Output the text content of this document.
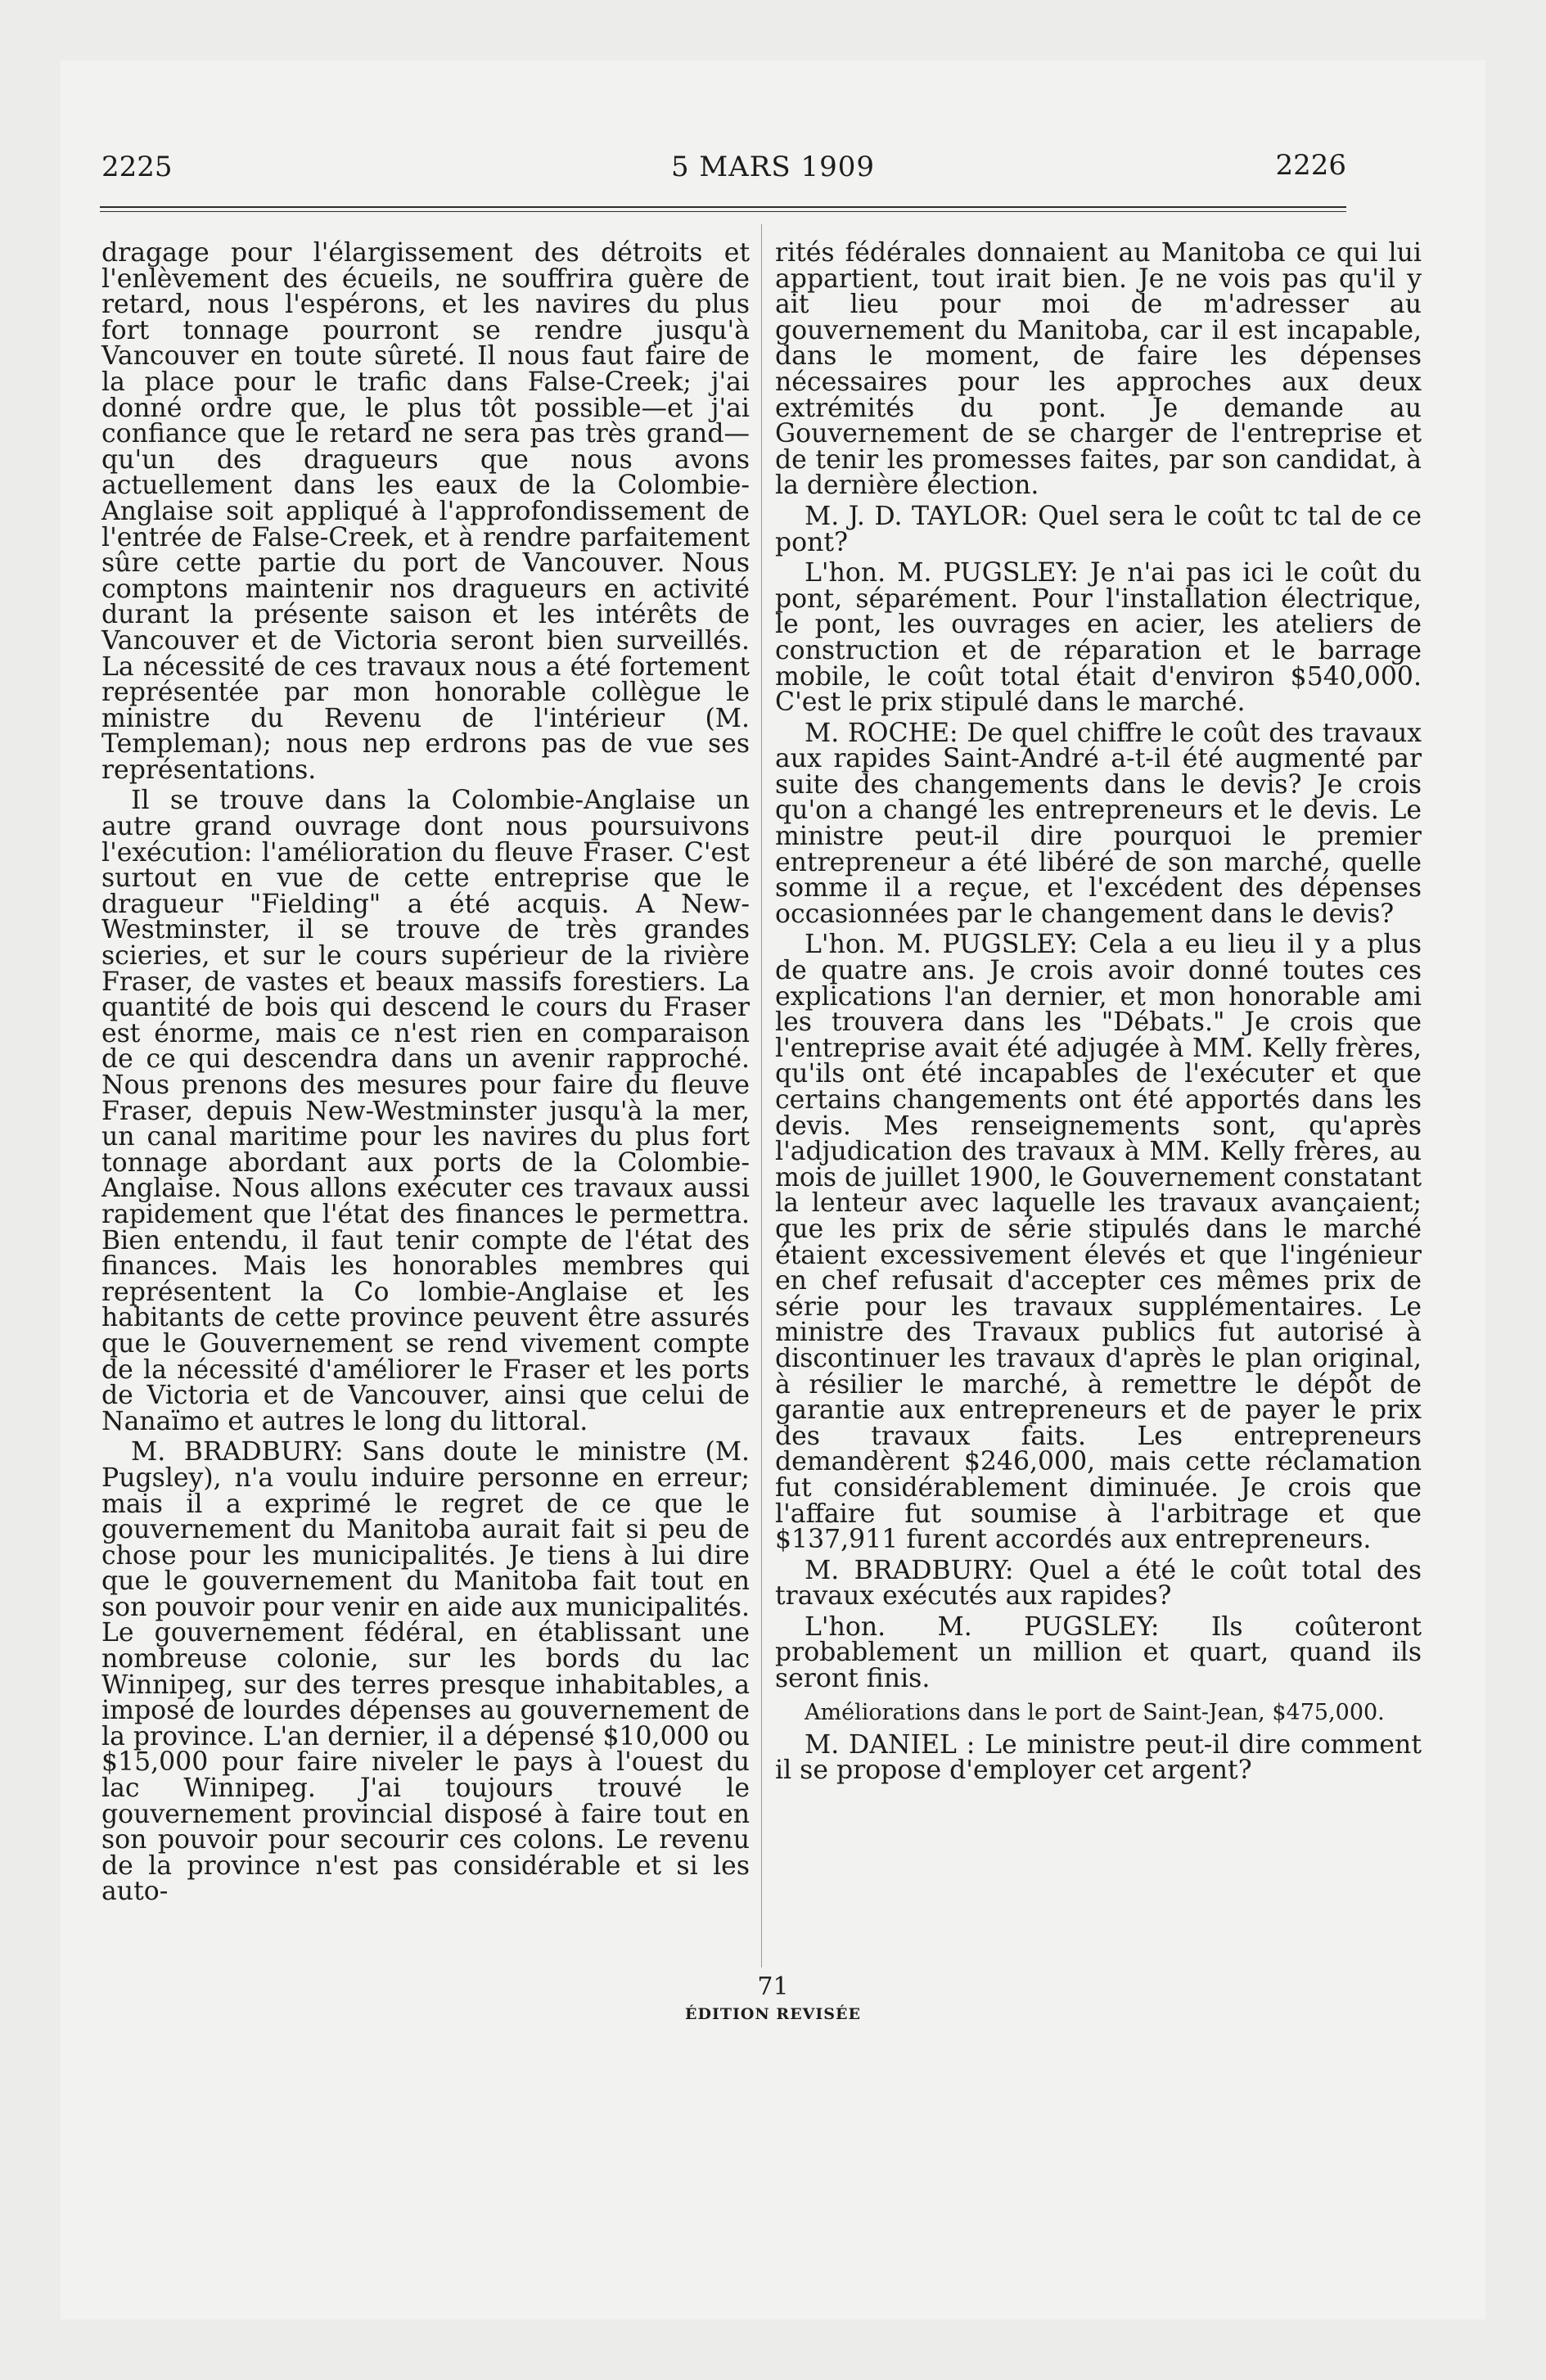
2225	5 MARS 1909	2226

dragage pour l'élargissement des détroits et l'enlèvement des écueils, ne souffrira guère de retard, nous l'espérons, et les navires du plus fort tonnage pourront se rendre jusqu'à Vancouver en toute sûreté. Il nous faut faire de la place pour le trafic dans False-Creek; j'ai donné ordre que, le plus tôt possible—et j'ai confiance que le retard ne sera pas très grand—qu'un des dragueurs que nous avons actuellement dans les eaux de la Colombie-Anglaise soit appliqué à l'approfondissement de l'entrée de False-Creek, et à rendre parfaitement sûre cette partie du port de Vancouver. Nous comptons maintenir nos dragueurs en activité durant la présente saison et les intérêts de Vancouver et de Victoria seront bien surveillés. La nécessité de ces travaux nous a été fortement représentée par mon honorable collègue le ministre du Revenu de l'intérieur (M. Templeman); nous nep erdrons pas de vue ses représentations.

Il se trouve dans la Colombie-Anglaise un autre grand ouvrage dont nous poursuivons l'exécution: l'amélioration du fleuve Fraser. C'est surtout en vue de cette entreprise que le dragueur "Fielding" a été acquis. A New-Westminster, il se trouve de très grandes scieries, et sur le cours supérieur de la rivière Fraser, de vastes et beaux massifs forestiers. La quantité de bois qui descend le cours du Fraser est énorme, mais ce n'est rien en comparaison de ce qui descendra dans un avenir rapproché. Nous prenons des mesures pour faire du fleuve Fraser, depuis New-Westminster jusqu'à la mer, un canal maritime pour les navires du plus fort tonnage abordant aux ports de la Colombie-Anglaise. Nous allons exécuter ces travaux aussi rapidement que l'état des finances le permettra. Bien entendu, il faut tenir compte de l'état des finances. Mais les honorables membres qui représentent la Co lombie-Anglaise et les habitants de cette province peuvent être assurés que le Gouvernement se rend vivement compte de la nécessité d'améliorer le Fraser et les ports de Victoria et de Vancouver, ainsi que celui de Nanaïmo et autres le long du littoral.

M. BRADBURY: Sans doute le ministre (M. Pugsley), n'a voulu induire personne en erreur; mais il a exprimé le regret de ce que le gouvernement du Manitoba aurait fait si peu de chose pour les municipalités. Je tiens à lui dire que le gouvernement du Manitoba fait tout en son pouvoir pour venir en aide aux municipalités. Le gouvernement fédéral, en établissant une nombreuse colonie, sur les bords du lac Winnipeg, sur des terres presque inhabitables, a imposé de lourdes dépenses au gouvernement de la province. L'an dernier, il a dépensé $10,000 ou $15,000 pour faire niveler le pays à l'ouest du lac Winnipeg. J'ai toujours trouvé le gouvernement provincial disposé à faire tout en son pouvoir pour secourir ces colons. Le revenu de la province n'est pas considérable et si les auto-

rités fédérales donnaient au Manitoba ce qui lui appartient, tout irait bien. Je ne vois pas qu'il y ait lieu pour moi de m'adresser au gouvernement du Manitoba, car il est incapable, dans le moment, de faire les dépenses nécessaires pour les approches aux deux extrémités du pont. Je demande au Gouvernement de se charger de l'entreprise et de tenir les promesses faites, par son candidat, à la dernière élection.

M. J. D. TAYLOR: Quel sera le coût tc tal de ce pont?

L'hon. M. PUGSLEY: Je n'ai pas ici le coût du pont, séparément. Pour l'installation électrique, le pont, les ouvrages en acier, les ateliers de construction et de réparation et le barrage mobile, le coût total était d'environ $540,000. C'est le prix stipulé dans le marché.

M. ROCHE: De quel chiffre le coût des travaux aux rapides Saint-André a-t-il été augmenté par suite des changements dans le devis? Je crois qu'on a changé les entrepreneurs et le devis. Le ministre peut-il dire pourquoi le premier entrepreneur a été libéré de son marché, quelle somme il a reçue, et l'excédent des dépenses occasionnées par le changement dans le devis?

L'hon. M. PUGSLEY: Cela a eu lieu il y a plus de quatre ans. Je crois avoir donné toutes ces explications l'an dernier, et mon honorable ami les trouvera dans les "Débats." Je crois que l'entreprise avait été adjugée à MM. Kelly frères, qu'ils ont été incapables de l'exécuter et que certains changements ont été apportés dans les devis. Mes renseignements sont, qu'après l'adjudication des travaux à MM. Kelly frères, au mois de juillet 1900, le Gouvernement constatant la lenteur avec laquelle les travaux avançaient; que les prix de série stipulés dans le marché étaient excessivement élevés et que l'ingénieur en chef refusait d'accepter ces mêmes prix de série pour les travaux supplémentaires. Le ministre des Travaux publics fut autorisé à discontinuer les travaux d'après le plan original, à résilier le marché, à remettre le dépôt de garantie aux entrepreneurs et de payer le prix des travaux faits. Les entrepreneurs demandèrent $246,000, mais cette réclamation fut considérablement diminuée. Je crois que l'affaire fut soumise à l'arbitrage et que $137,911 furent accordés aux entrepreneurs.

M. BRADBURY: Quel a été le coût total des travaux exécutés aux rapides?

L'hon. M. PUGSLEY: Ils coûteront probablement un million et quart, quand ils seront finis.

Améliorations dans le port de Saint-Jean, $475,000.

M. DANIEL : Le ministre peut-il dire comment il se propose d'employer cet argent?

71
ÉDITION REVISÉE
